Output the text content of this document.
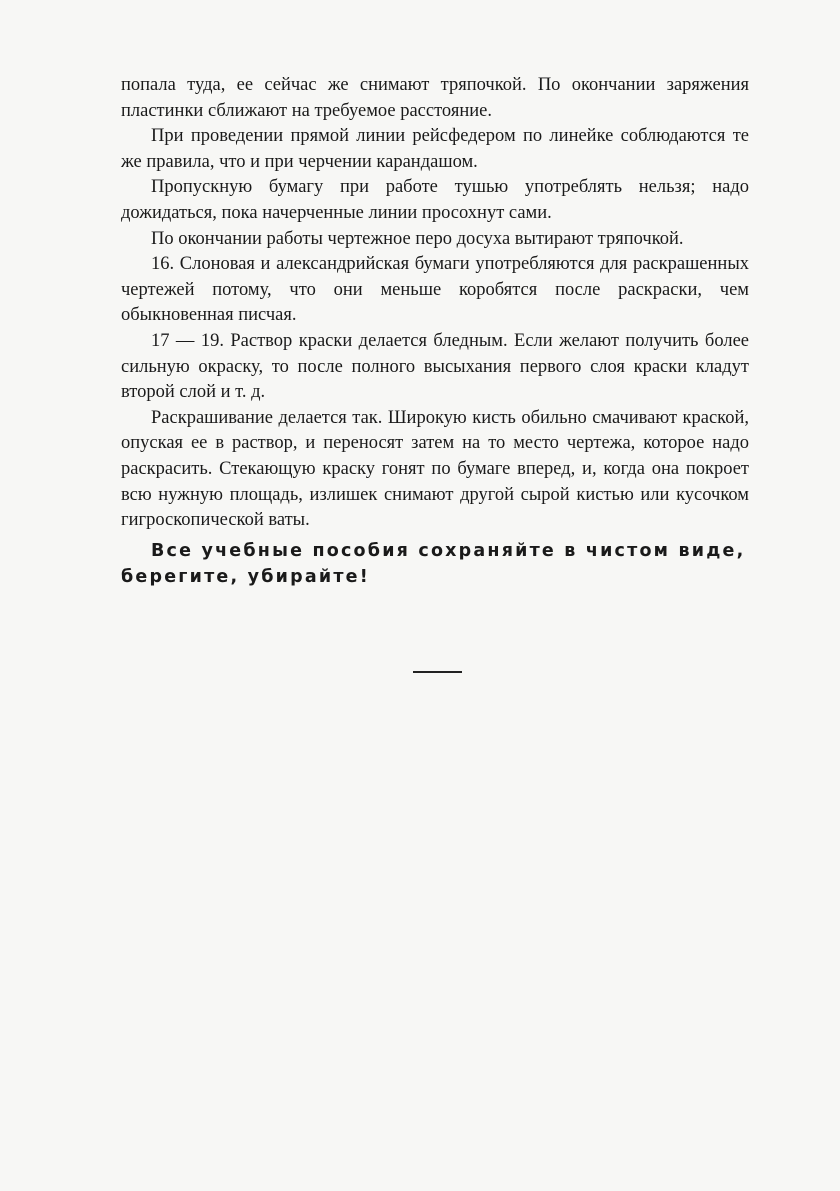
попала туда, ее сейчас же снимают тряпочкой. По окончании заряжения пластинки сближают на требуемое расстояние.

При проведении прямой линии рейсфедером по линейке соблюдаются те же правила, что и при черчении карандашом.

Пропускную бумагу при работе тушью употреблять нельзя; надо дожидаться, пока начерченные линии просохнут сами.

По окончании работы чертежное перо досуха вытирают тряпочкой.

16. Слоновая и александрийская бумаги употребляются для раскрашенных чертежей потому, что они меньше коробятся после раскраски, чем обыкновенная писчая.

17 — 19. Раствор краски делается бледным. Если желают получить более сильную окраску, то после полного высыхания первого слоя краски кладут второй слой и т. д.

Раскрашивание делается так. Широкую кисть обильно смачивают краской, опуская ее в раствор, и переносят затем на то место чертежа, которое надо раскрасить. Стекающую краску гонят по бумаге вперед, и, когда она покроет всю нужную площадь, излишек снимают другой сырой кистью или кусочком гигроскопической ваты.

Все учебные пособия сохраняйте в чистом виде, берегите, убирайте!
